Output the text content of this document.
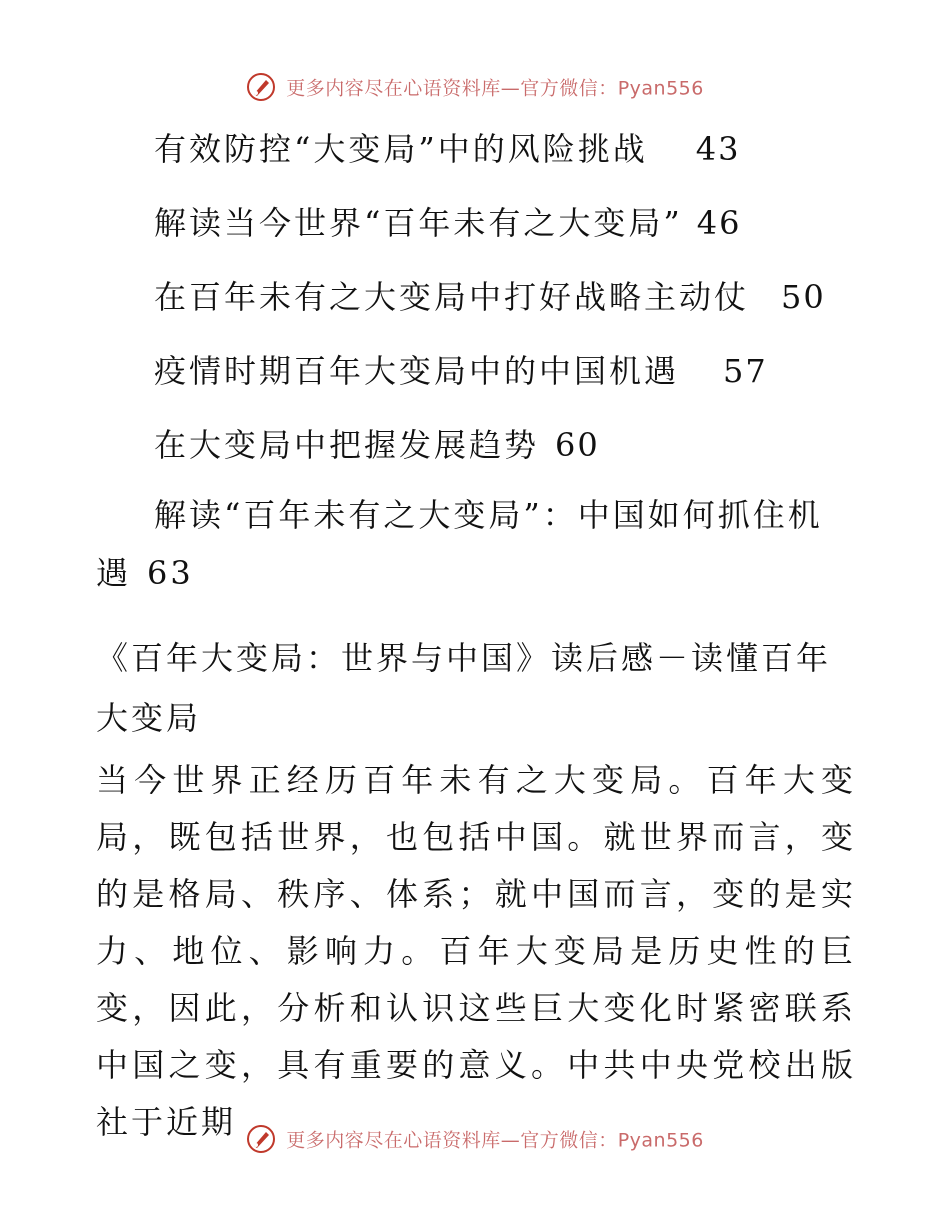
更多内容尽在心语资料库—官方微信：Pyan556
有效防控“大变局”中的风险挑战 43
解读当今世界“百年未有之大变局” 46
在百年未有之大变局中打好战略主动仗 50
疫情时期百年大变局中的中国机遇 57
在大变局中把握发展趋势 60
解读“百年未有之大变局”：中国如何抓住机遇 63
《百年大变局：世界与中国》读后感－读懂百年大变局
当今世界正经历百年未有之大变局。百年大变局，既包括世界，也包括中国。就世界而言，变的是格局、秩序、体系；就中国而言，变的是实力、地位、影响力。百年大变局是历史性的巨变，因此，分析和认识这些巨大变化时紧密联系中国之变，具有重要的意义。中共中央党校出版社于近期	更多内容尽在心语资料库—官方微信：Pyan556
